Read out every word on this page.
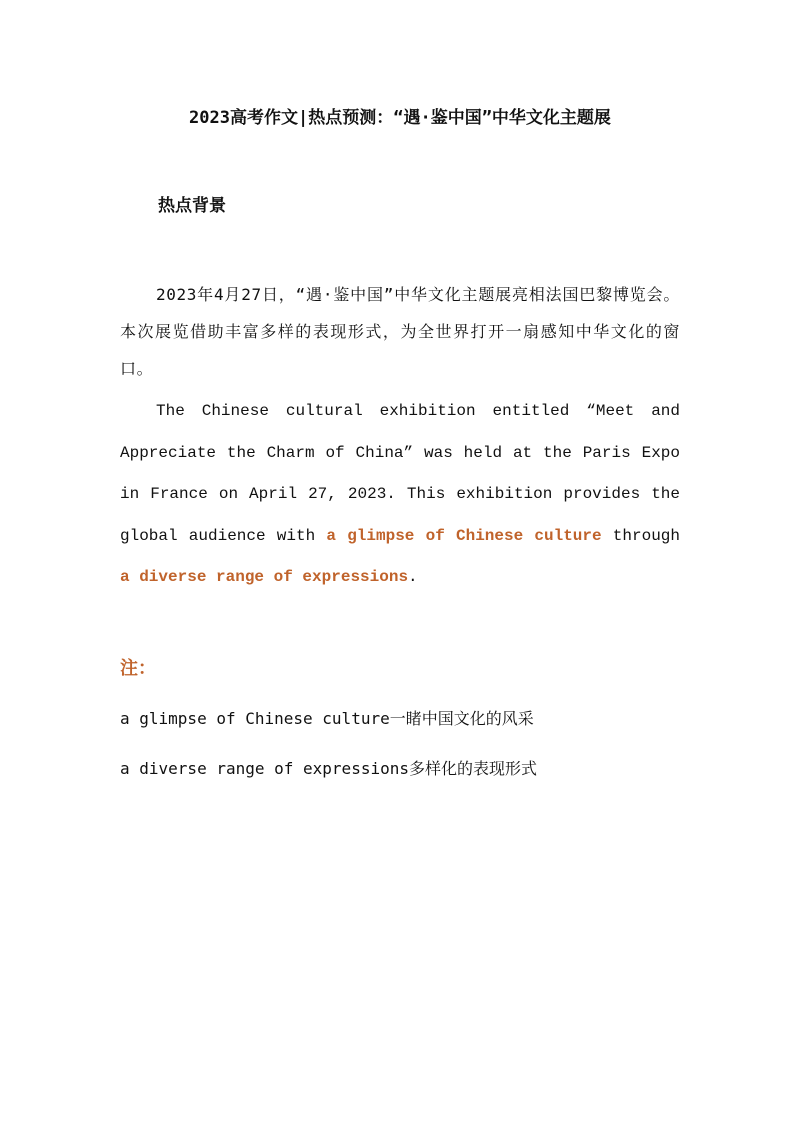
2023高考作文|热点预测：“遇·鉴中国”中华文化主题展
热点背景

2023年4月27日，“遇·鉴中国”中华文化主题展亮相法国巴黎博览会。本次展览借助丰富多样的表现形式，为全世界打开一扇感知中华文化的窗口。

The Chinese cultural exhibition entitled “Meet and Appreciate the Charm of China” was held at the Paris Expo in France on April 27, 2023. This exhibition provides the global audience with a glimpse of Chinese culture through a diverse range of expressions.

注：

a glimpse of Chinese culture一睹中国文化的风采

a diverse range of expressions多样化的表现形式
